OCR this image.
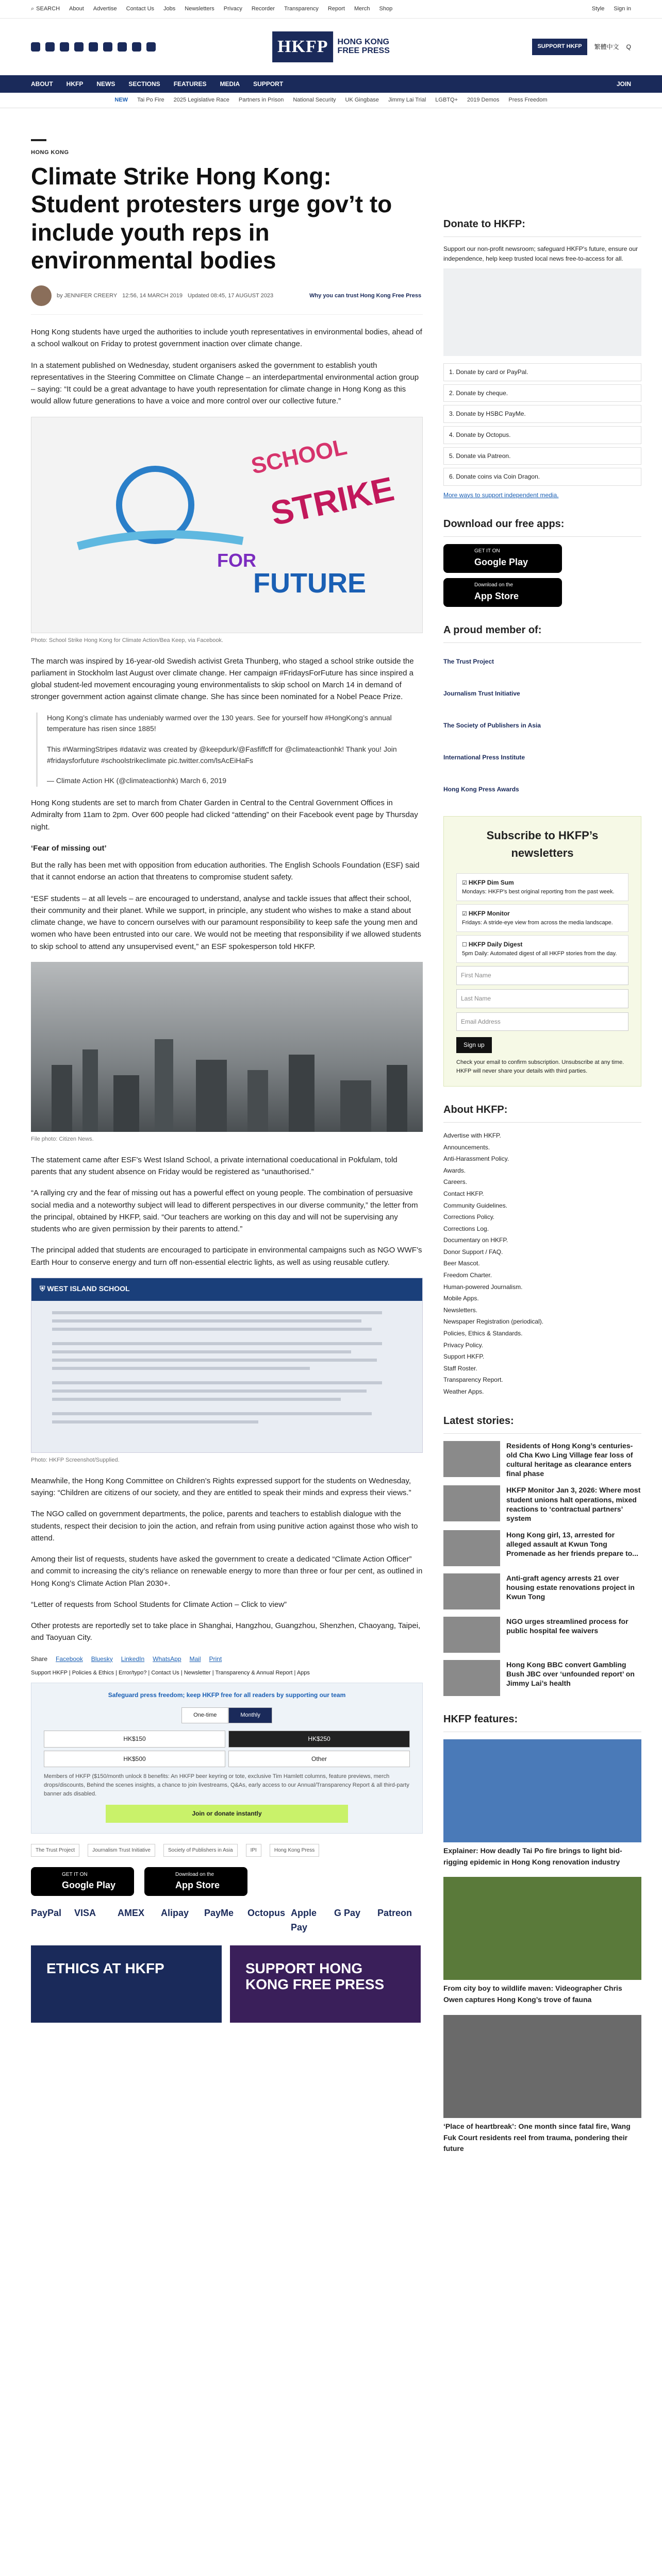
⌕ SEARCH About Advertise Contact Us Jobs Newsletters Privacy Recorder Transparency Report Merch Shop	Style Sign in
HKFP	HONG KONG
FREE PRESS	SUPPORT HKFP	繁體中文 Q
ABOUT HKFP NEWS SECTIONS FEATURES MEDIA SUPPORT	JOIN
NEW Tai Po Fire 2025 Legislative Race Partners in Prison National Security UK Gingbase Jimmy Lai Trial LGBTQ+ 2019 Demos Press Freedom
HONG KONG
Climate Strike Hong Kong: Student protesters urge gov’t to include youth reps in environmental bodies
by JENNIFER CREERY 12:56, 14 MARCH 2019 Updated 08:45, 17 AUGUST 2023	Why you can trust Hong Kong Free Press

Hong Kong students have urged the authorities to include youth representatives in environmental bodies, ahead of a school walkout on Friday to protest government inaction over climate change.

In a statement published on Wednesday, student organisers asked the government to establish youth representatives in the Steering Committee on Climate Change – an interdepartmental environmental action group – saying: “It could be a great advantage to have youth representation for climate change in Hong Kong as this would allow future generations to have a voice and more control over our collective future.”

SCHOOL
STRIKE
FOR
FUTURE
Photo: School Strike Hong Kong for Climate Action/Bea Keep, via Facebook.

The march was inspired by 16-year-old Swedish activist Greta Thunberg, who staged a school strike outside the parliament in Stockholm last August over climate change. Her campaign #FridaysForFuture has since inspired a global student-led movement encouraging young environmentalists to skip school on March 14 in demand of stronger government action against climate change. She has since been nominated for a Nobel Peace Prize.

Hong Kong’s climate has undeniably warmed over the 130 years. See for yourself how #HongKong’s annual temperature has risen since 1885!

This #WarmingStripes #dataviz was created by @keepdurk/@Fasfiffcff for @climateactionhk! Thank you! Join #fridaysforfuture #schoolstrikeclimate pic.twitter.com/lsAcEiHaFs

— Climate Action HK (@climateactionhk) March 6, 2019

Hong Kong students are set to march from Chater Garden in Central to the Central Government Offices in Admiralty from 11am to 2pm. Over 600 people had clicked “attending” on their Facebook event page by Thursday night.

‘Fear of missing out’

But the rally has been met with opposition from education authorities. The English Schools Foundation (ESF) said that it cannot endorse an action that threatens to compromise student safety.

“ESF students – at all levels – are encouraged to understand, analyse and tackle issues that affect their school, their community and their planet. While we support, in principle, any student who wishes to make a stand about climate change, we have to concern ourselves with our paramount responsibility to keep safe the young men and women who have been entrusted into our care. We would not be meeting that responsibility if we allowed students to skip school to attend any unsupervised event,” an ESF spokesperson told HKFP.

File photo: Citizen News.

The statement came after ESF’s West Island School, a private international coeducational in Pokfulam, told parents that any student absence on Friday would be registered as “unauthorised.”

“A rallying cry and the fear of missing out has a powerful effect on young people. The combination of persuasive social media and a noteworthy subject will lead to different perspectives in our diverse community,” the letter from the principal, obtained by HKFP, said. “Our teachers are working on this day and will not be supervising any students who are given permission by their parents to attend.”

The principal added that students are encouraged to participate in environmental campaigns such as NGO WWF’s Earth Hour to conserve energy and turn off non-essential electric lights, as well as using reusable cutlery.

⛨ WEST ISLAND SCHOOL
Photo: HKFP Screenshot/Supplied.

Meanwhile, the Hong Kong Committee on Children’s Rights expressed support for the students on Wednesday, saying: “Children are citizens of our society, and they are entitled to speak their minds and express their views.”

The NGO called on government departments, the police, parents and teachers to establish dialogue with the students, respect their decision to join the action, and refrain from using punitive action against those who wish to attend.

Among their list of requests, students have asked the government to create a dedicated “Climate Action Officer” and commit to increasing the city’s reliance on renewable energy to more than three or four per cent, as outlined in Hong Kong’s Climate Action Plan 2030+.

“Letter of requests from School Students for Climate Action – Click to view”

Other protests are reportedly set to take place in Shanghai, Hangzhou, Guangzhou, Shenzhen, Chaoyang, Taipei, and Taoyuan City.

Share Facebook Bluesky LinkedIn WhatsApp Mail Print
Support HKFP | Policies & Ethics | Error/typo? | Contact Us | Newsletter | Transparency & Annual Report | Apps
Safeguard press freedom; keep HKFP free for all readers by supporting our team
One-time	Monthly
HK$150	HK$250
HK$500	Other
Members of HKFP ($150/month unlock 8 benefits: An HKFP beer keyring or tote, exclusive Tim Hamlett columns, feature previews, merch drops/discounts, Behind the scenes insights, a chance to join livestreams, Q&As, early access to our Annual/Transparency Report & all third-party banner ads disabled.
Join or donate instantly
The Trust Project	Journalism Trust Initiative	Society of Publishers in Asia	IPI	Hong Kong Press
GET IT ON
Google Play
Download on the
App Store
PayPal	VISA	AMEX	Alipay	PayMe	Octopus Apple Pay
G Pay	Patreon
ETHICS AT HKFP	SUPPORT HONG KONG FREE PRESS
Donate to HKFP:
Support our non-profit newsroom; safeguard HKFP's future, ensure our independence, help keep trusted local news free-to-access for all.
1. Donate by card or PayPal.
2. Donate by cheque.
3. Donate by HSBC PayMe.
4. Donate by Octopus.
5. Donate via Patreon.
6. Donate coins via Coin Dragon.
More ways to support independent media.
Download our free apps:
GET IT ON
Google Play
Download on the
App Store
A proud member of:
The Trust Project
Journalism Trust Initiative
The Society of Publishers in Asia
International Press Institute
Hong Kong Press Awards
Subscribe to HKFP’s newsletters
☑ HKFP Dim Sum
Mondays: HKFP's best original reporting from the past week.
☑ HKFP Monitor
Fridays: A stride-eye view from across the media landscape.
☐ HKFP Daily Digest
5pm Daily: Automated digest of all HKFP stories from the day.
First Name
Last Name
Email Address
Sign up
Check your email to confirm subscription. Unsubscribe at any time. HKFP will never share your details with third parties.
About HKFP:
Advertise with HKFP.
Announcements.
Anti-Harassment Policy.
Awards.
Careers.
Contact HKFP.
Community Guidelines.
Corrections Policy.
Corrections Log.
Documentary on HKFP.
Donor Support / FAQ.
Beer Mascot.
Freedom Charter.
Human-powered Journalism.
Mobile Apps.
Newsletters.
Newspaper Registration (periodical).
Policies, Ethics & Standards.
Privacy Policy.
Support HKFP.
Staff Roster.
Transparency Report.
Weather Apps.
Latest stories:
Residents of Hong Kong’s centuries-old Cha Kwo Ling Village fear loss of cultural heritage as clearance enters final phase
HKFP Monitor Jan 3, 2026: Where most student unions halt operations, mixed reactions to ‘contractual partners’ system
Hong Kong girl, 13, arrested for alleged assault at Kwun Tong Promenade as her friends prepare to...
Anti-graft agency arrests 21 over housing estate renovations project in Kwun Tong
NGO urges streamlined process for public hospital fee waivers
Hong Kong BBC convert Gambling Bush JBC over ‘unfounded report’ on Jimmy Lai’s health
HKFP features:
Explainer: How deadly Tai Po fire brings to light bid-rigging epidemic in Hong Kong renovation industry
From city boy to wildlife maven: Videographer Chris Owen captures Hong Kong’s trove of fauna
‘Place of heartbreak’: One month since fatal fire, Wang Fuk Court residents reel from trauma, pondering their future
